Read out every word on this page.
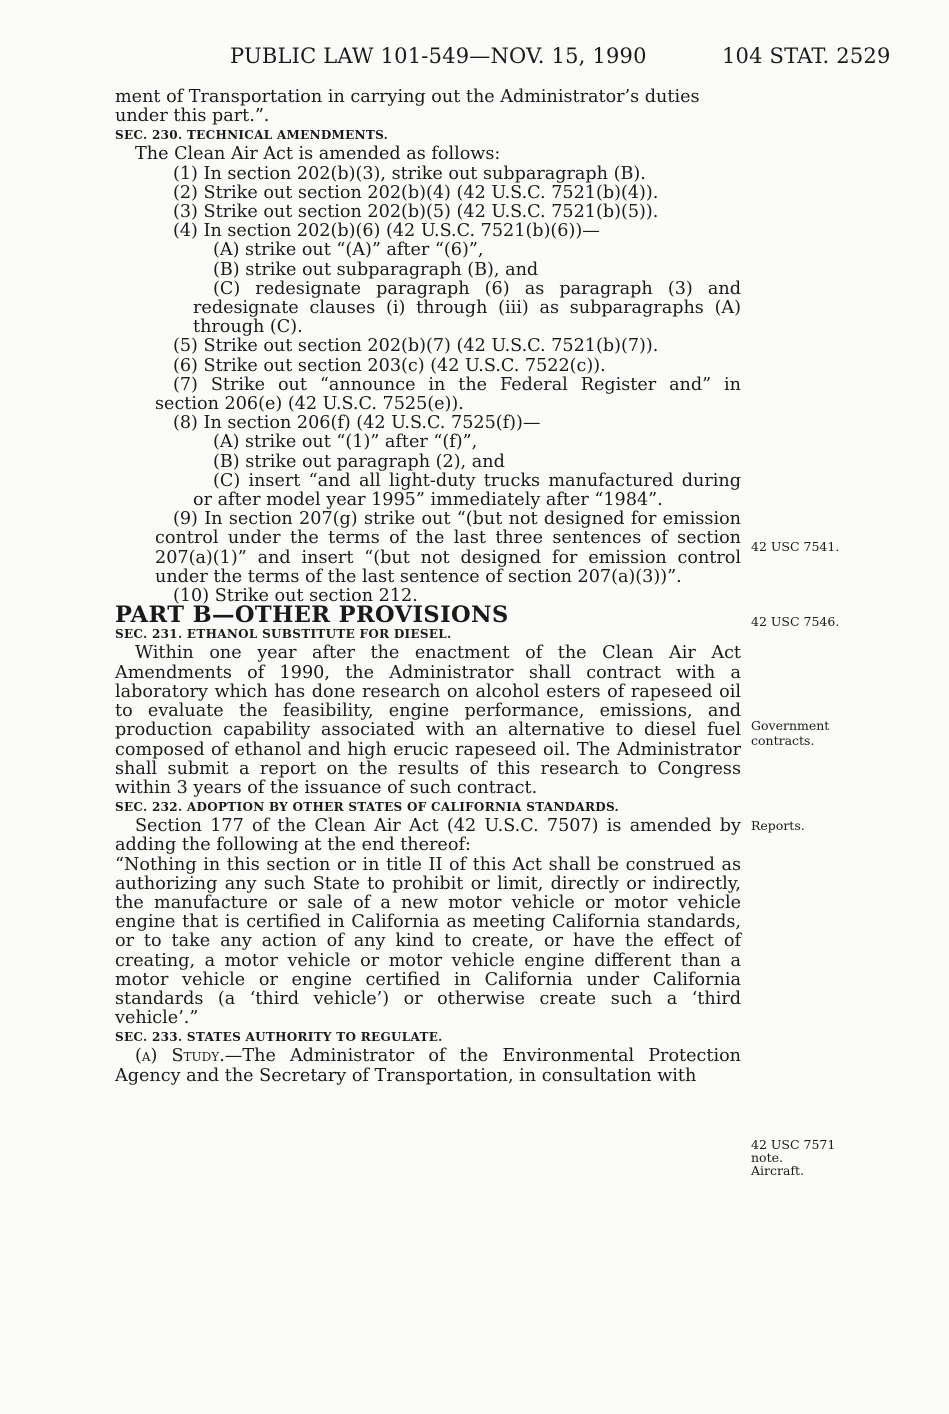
PUBLIC LAW 101-549—NOV. 15, 1990	104 STAT. 2529

ment of Transportation in carrying out the Administrator’s duties

under this part.”.

SEC. 230. TECHNICAL AMENDMENTS.

The Clean Air Act is amended as follows:

(1) In section 202(b)(3), strike out subparagraph (B).

(2) Strike out section 202(b)(4) (42 U.S.C. 7521(b)(4)).

(3) Strike out section 202(b)(5) (42 U.S.C. 7521(b)(5)).

(4) In section 202(b)(6) (42 U.S.C. 7521(b)(6))—

(A) strike out “(A)” after “(6)”,

(B) strike out subparagraph (B), and

(C) redesignate paragraph (6) as paragraph (3) and redesignate clauses (i) through (iii) as subparagraphs (A) through (C).

(5) Strike out section 202(b)(7) (42 U.S.C. 7521(b)(7)).

(6) Strike out section 203(c) (42 U.S.C. 7522(c)).

(7) Strike out “announce in the Federal Register and” in section 206(e) (42 U.S.C. 7525(e)).

(8) In section 206(f) (42 U.S.C. 7525(f))—

(A) strike out “(1)” after “(f)”,

(B) strike out paragraph (2), and

(C) insert “and all light-duty trucks manufactured during or after model year 1995” immediately after “1984”.

(9) In section 207(g) strike out “(but not designed for emission control under the terms of the last three sentences of section 207(a)(1)” and insert “(but not designed for emission control under the terms of the last sentence of section 207(a)(3))”.

(10) Strike out section 212.

PART B—OTHER PROVISIONS

SEC. 231. ETHANOL SUBSTITUTE FOR DIESEL.

Within one year after the enactment of the Clean Air Act Amendments of 1990, the Administrator shall contract with a laboratory which has done research on alcohol esters of rapeseed oil to evaluate the feasibility, engine performance, emissions, and production capability associated with an alternative to diesel fuel composed of ethanol and high erucic rapeseed oil. The Administrator shall submit a report on the results of this research to Congress within 3 years of the issuance of such contract.

SEC. 232. ADOPTION BY OTHER STATES OF CALIFORNIA STANDARDS.

Section 177 of the Clean Air Act (42 U.S.C. 7507) is amended by adding the following at the end thereof:

“Nothing in this section or in title II of this Act shall be construed as authorizing any such State to prohibit or limit, directly or indirectly, the manufacture or sale of a new motor vehicle or motor vehicle engine that is certified in California as meeting California standards, or to take any action of any kind to create, or have the effect of creating, a motor vehicle or motor vehicle engine different than a motor vehicle or engine certified in California under California standards (a ‘third vehicle’) or otherwise create such a ‘third vehicle’.”

SEC. 233. STATES AUTHORITY TO REGULATE.

(a) Study.—The Administrator of the Environmental Protection Agency and the Secretary of Transportation, in consultation with

42 USC 7541.
42 USC 7546.
Government
contracts.
Reports.
42 USC 7571
note.
Aircraft.
